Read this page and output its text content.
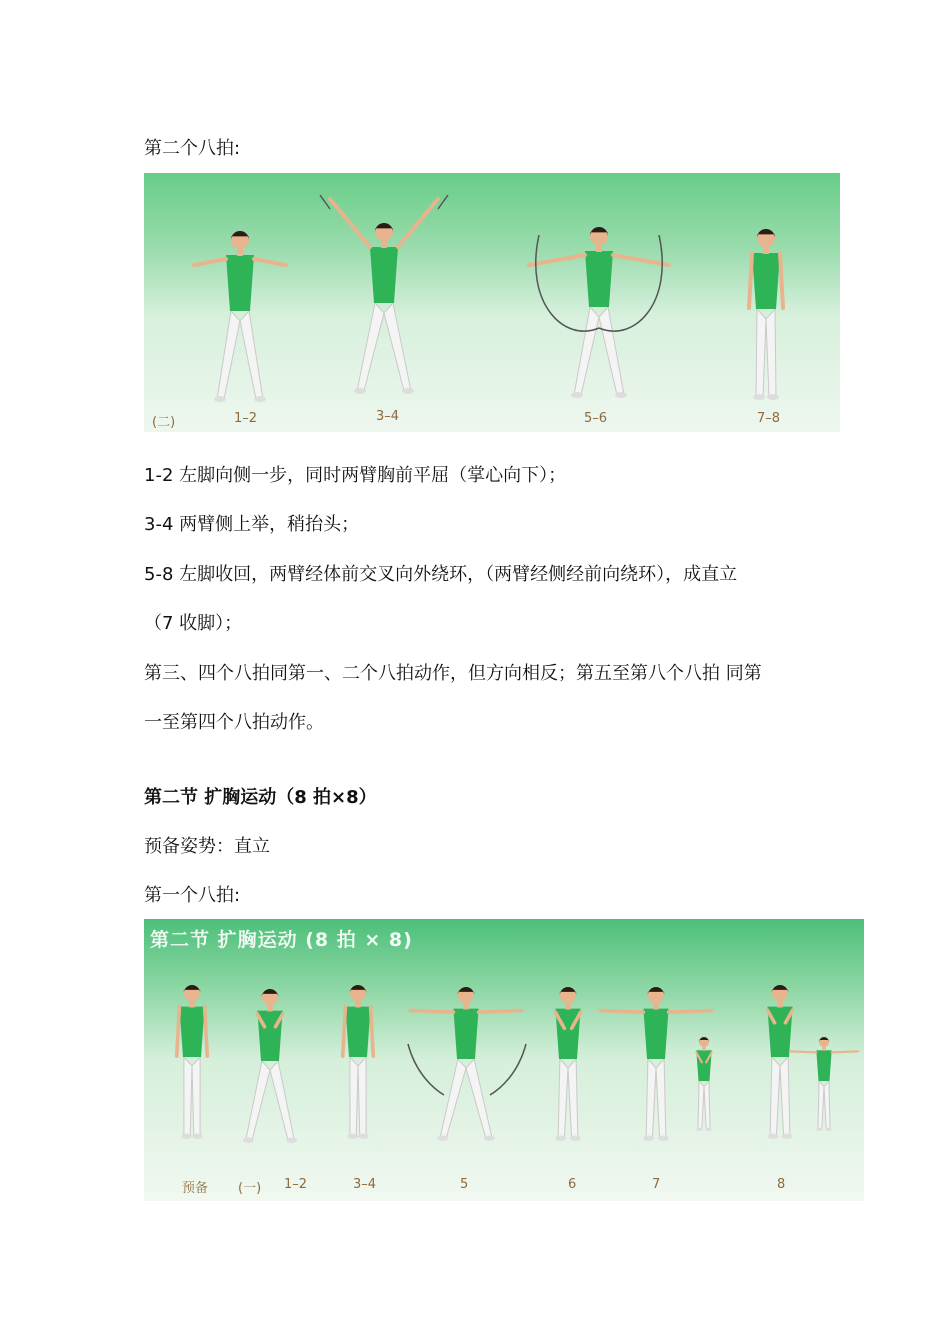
第二个八拍:
(二)	1–2	3–4	5–6	7–8
1-2 左脚向侧一步，同时两臂胸前平屈（掌心向下）；
3-4 两臂侧上举，稍抬头；
5-8 左脚收回，两臂经体前交叉向外绕环，（两臂经侧经前向绕环），成直立
（7 收脚）；
第三、四个八拍同第一、二个八拍动作，但方向相反；第五至第八个八拍 同第
一至第四个八拍动作。
第二节 扩胸运动（8 拍×8）
预备姿势：直立
第一个八拍:
第二节 扩胸运动 (8 拍 × 8)
预备 (一) 1–2	3–4	5	6	7	8
